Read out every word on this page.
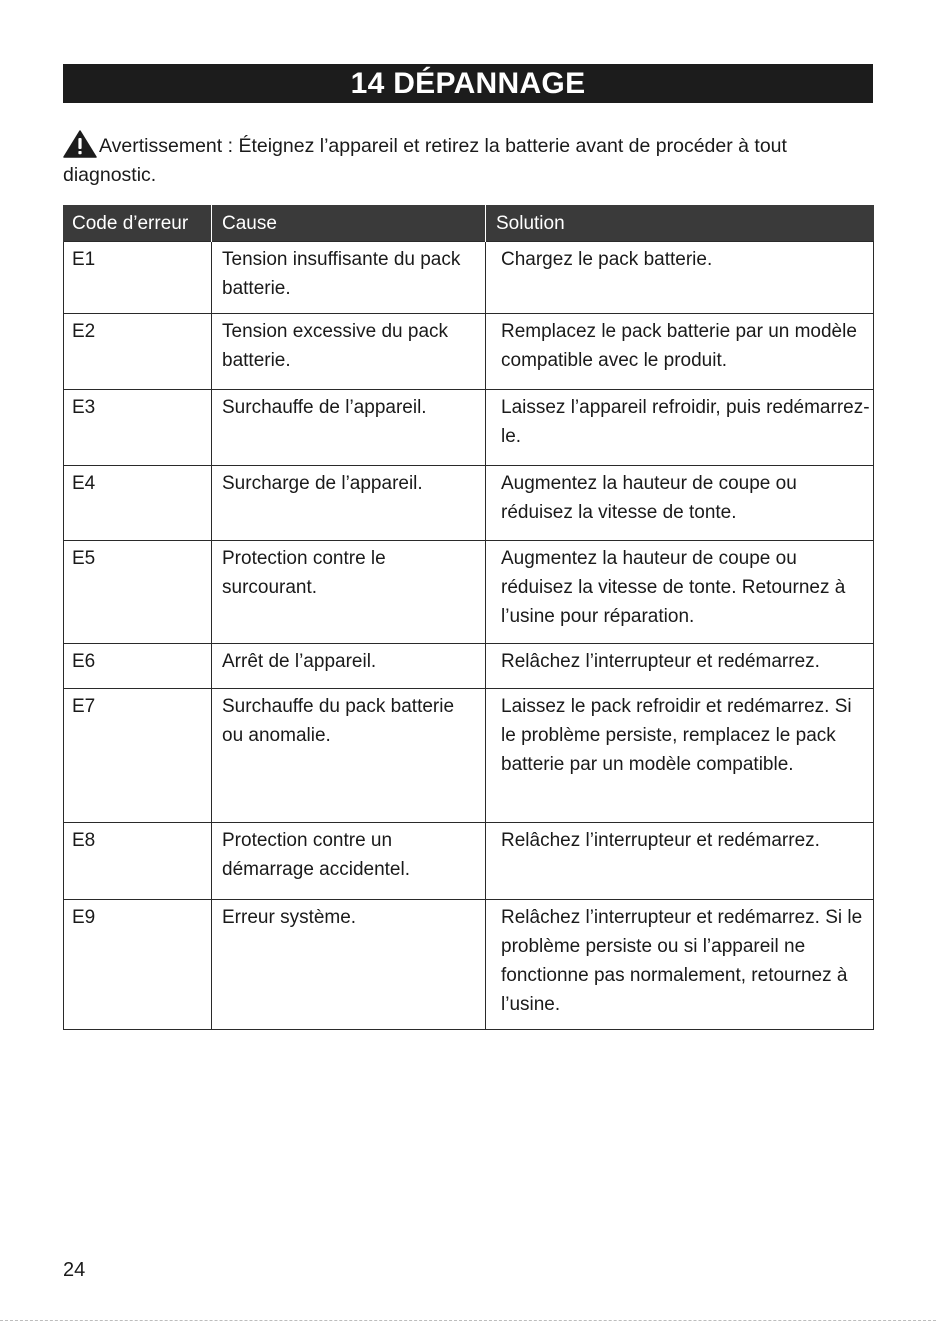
14 DÉPANNAGE
Avertissement : Éteignez l’appareil et retirez la batterie avant de procéder à tout diagnostic.
Code d’erreur	Cause	Solution
E1	Tension insuffisante du pack batterie.	Chargez le pack batterie.
E2	Tension excessive du pack batterie.	Remplacez le pack batterie par un modèle compatible avec le produit.
E3	Surchauffe de l’appareil.	Laissez l’appareil refroidir, puis redémarrez-le.
E4	Surcharge de l’appareil.	Augmentez la hauteur de coupe ou réduisez la vitesse de tonte.
E5	Protection contre le surcourant.	Augmentez la hauteur de coupe ou réduisez la vitesse de tonte. Retournez à l’usine pour réparation.
E6	Arrêt de l’appareil.	Relâchez l’interrupteur et redémarrez.
E7	Surchauffe du pack batterie ou anomalie.	Laissez le pack refroidir et redémarrez. Si le problème persiste, remplacez le pack batterie par un modèle compatible.
E8	Protection contre un démarrage accidentel.	Relâchez l’interrupteur et redémarrez.
E9	Erreur système.	Relâchez l’interrupteur et redémarrez. Si le problème persiste ou si l’appareil ne fonctionne pas normalement, retournez à l’usine.
24
